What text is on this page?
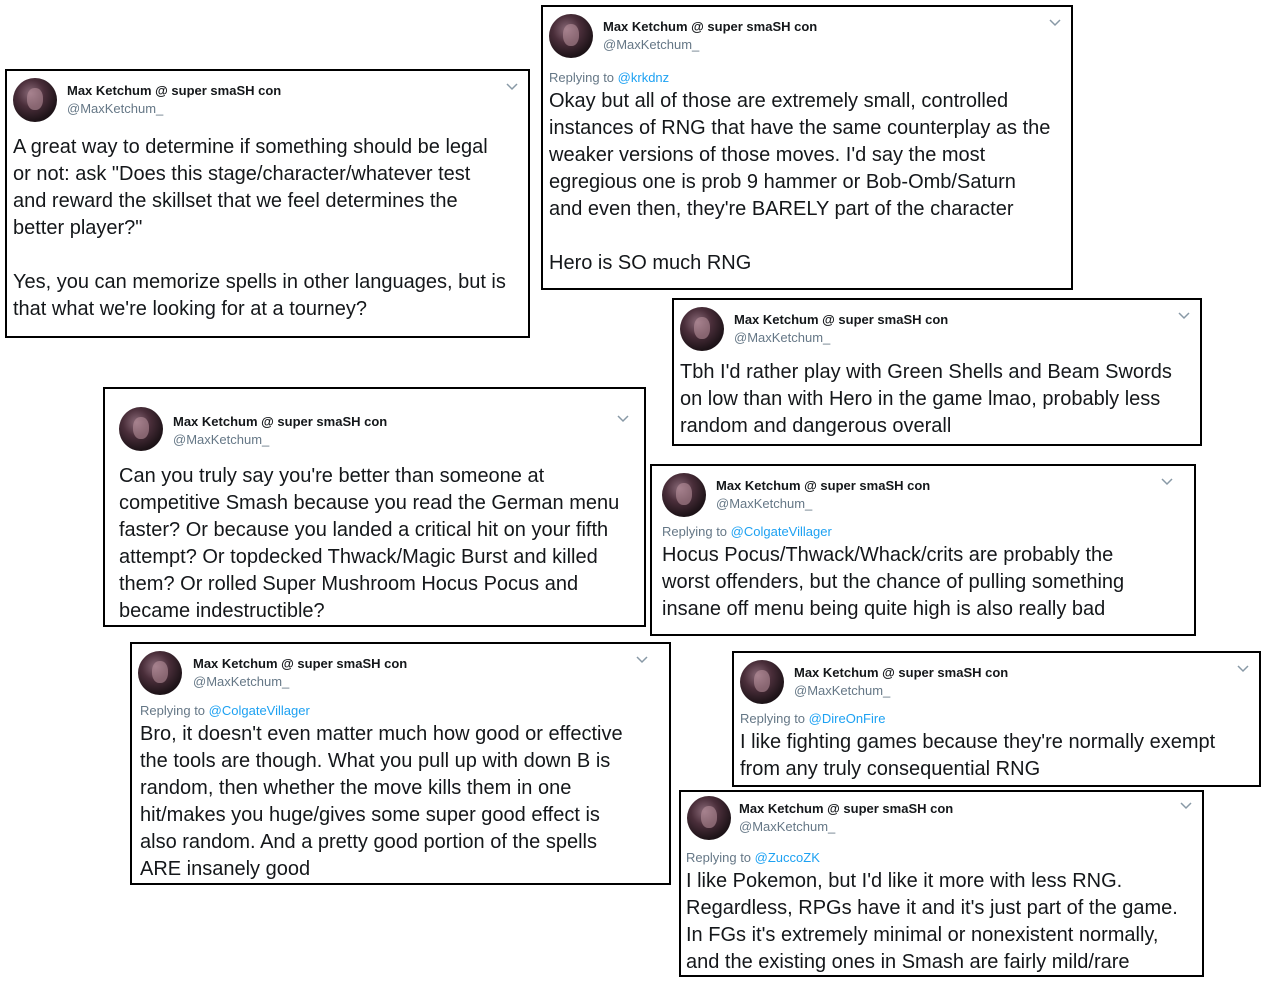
Max Ketchum @ super smaSH con
@MaxKetchum_
A great way to determine if something should be legal
or not: ask "Does this stage/character/whatever test
and reward the skillset that we feel determines the
better player?"

Yes, you can memorize spells in other languages, but is
that what we're looking for at a tourney?
Max Ketchum @ super smaSH con
@MaxKetchum_
Replying to @krkdnz
Okay but all of those are extremely small, controlled
instances of RNG that have the same counterplay as the
weaker versions of those moves. I'd say the most
egregious one is prob 9 hammer or Bob-Omb/Saturn
and even then, they're BARELY part of the character

Hero is SO much RNG
Max Ketchum @ super smaSH con
@MaxKetchum_
Tbh I'd rather play with Green Shells and Beam Swords
on low than with Hero in the game lmao, probably less
random and dangerous overall
Max Ketchum @ super smaSH con
@MaxKetchum_
Can you truly say you're better than someone at
competitive Smash because you read the German menu
faster? Or because you landed a critical hit on your fifth
attempt? Or topdecked Thwack/Magic Burst and killed
them? Or rolled Super Mushroom Hocus Pocus and
became indestructible?
Max Ketchum @ super smaSH con
@MaxKetchum_
Replying to @ColgateVillager
Hocus Pocus/Thwack/Whack/crits are probably the
worst offenders, but the chance of pulling something
insane off menu being quite high is also really bad
Max Ketchum @ super smaSH con
@MaxKetchum_
Replying to @ColgateVillager
Bro, it doesn't even matter much how good or effective
the tools are though. What you pull up with down B is
random, then whether the move kills them in one
hit/makes you huge/gives some super good effect is
also random. And a pretty good portion of the spells
ARE insanely good
Max Ketchum @ super smaSH con
@MaxKetchum_
Replying to @DireOnFire
I like fighting games because they're normally exempt
from any truly consequential RNG
Max Ketchum @ super smaSH con
@MaxKetchum_
Replying to @ZuccoZK
I like Pokemon, but I'd like it more with less RNG.
Regardless, RPGs have it and it's just part of the game.
In FGs it's extremely minimal or nonexistent normally,
and the existing ones in Smash are fairly mild/rare
